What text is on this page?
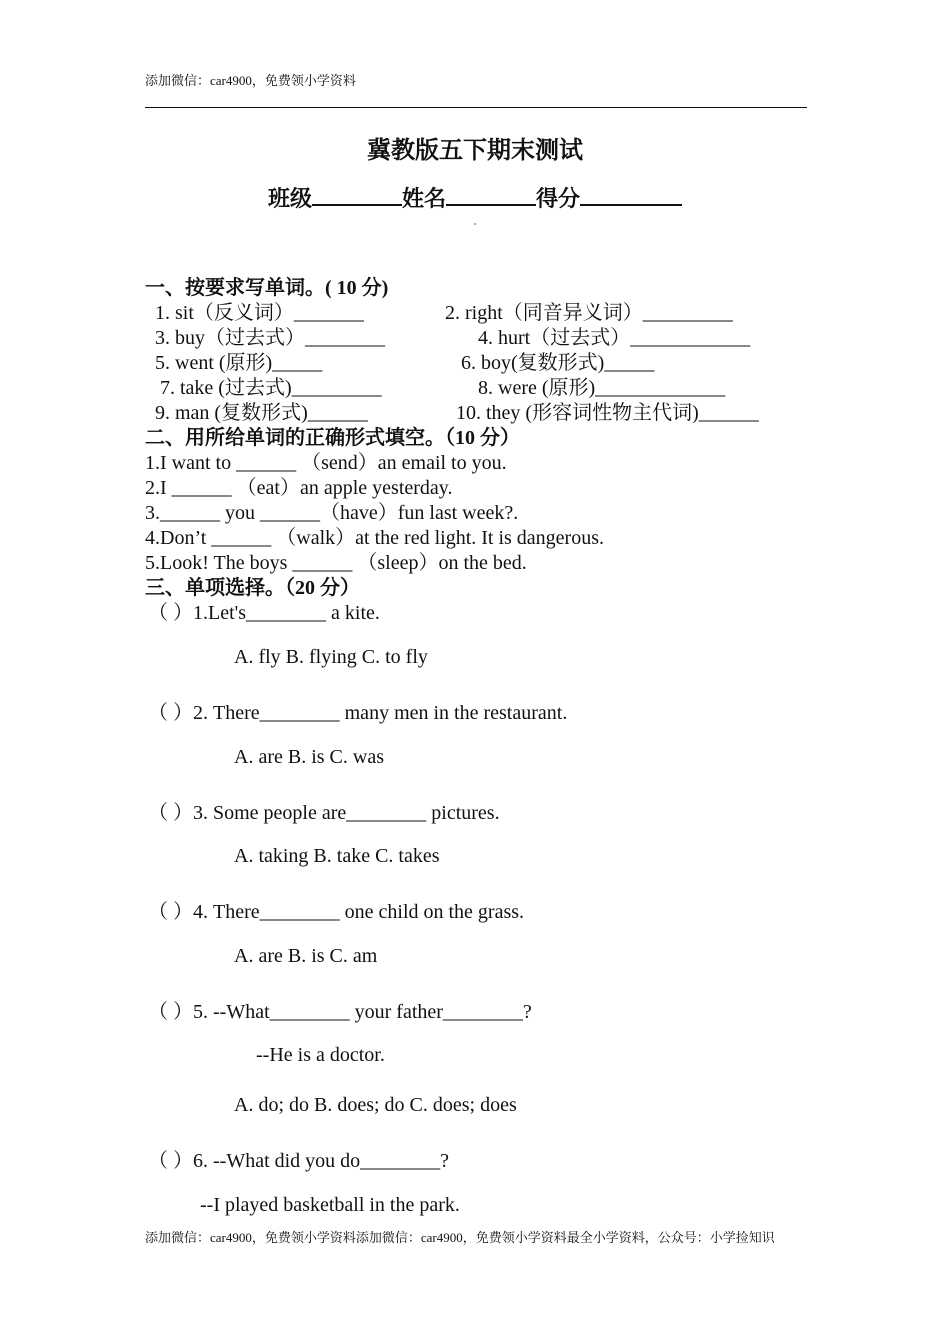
添加微信：car4900，免费领小学资料
冀教版五下期末测试
班级	姓名	得分
一、按要求写单词。( 10 分)
1. sit（反义词）_______	2. right（同音异义词）_________
3. buy（过去式）________	4. hurt（过去式）____________
5. went (原形)_____	6. boy(复数形式)_____
7. take (过去式)_________	8. were (原形)_____________
9. man (复数形式)______	10. they (形容词性物主代词)______
二、用所给单词的正确形式填空。（10 分）
1.I want to ______ （send）an email to you.
2.I ______ （eat）an apple yesterday.
3.______ you ______（have）fun last week?.
4.Don’t ______ （walk）at the red light. It is dangerous.
5.Look! The boys ______ （sleep）on the bed.
三、单项选择。（20 分）
（ ）1.Let's________ a kite.
A. fly B. flying C. to fly
（ ）2. There________ many men in the restaurant.
A. are B. is C. was
（ ）3. Some people are________ pictures.
A. taking B. take C. takes
（ ）4. There________ one child on the grass.
A. are B. is C. am
（ ）5. --What________ your father________?
--He is a doctor.
A. do; do B. does; do C. does; does
（ ）6. --What did you do________?
--I played basketball in the park.
添加微信：car4900，免费领小学资料添加微信：car4900，免费领小学资料最全小学资料，公众号：小学捡知识
